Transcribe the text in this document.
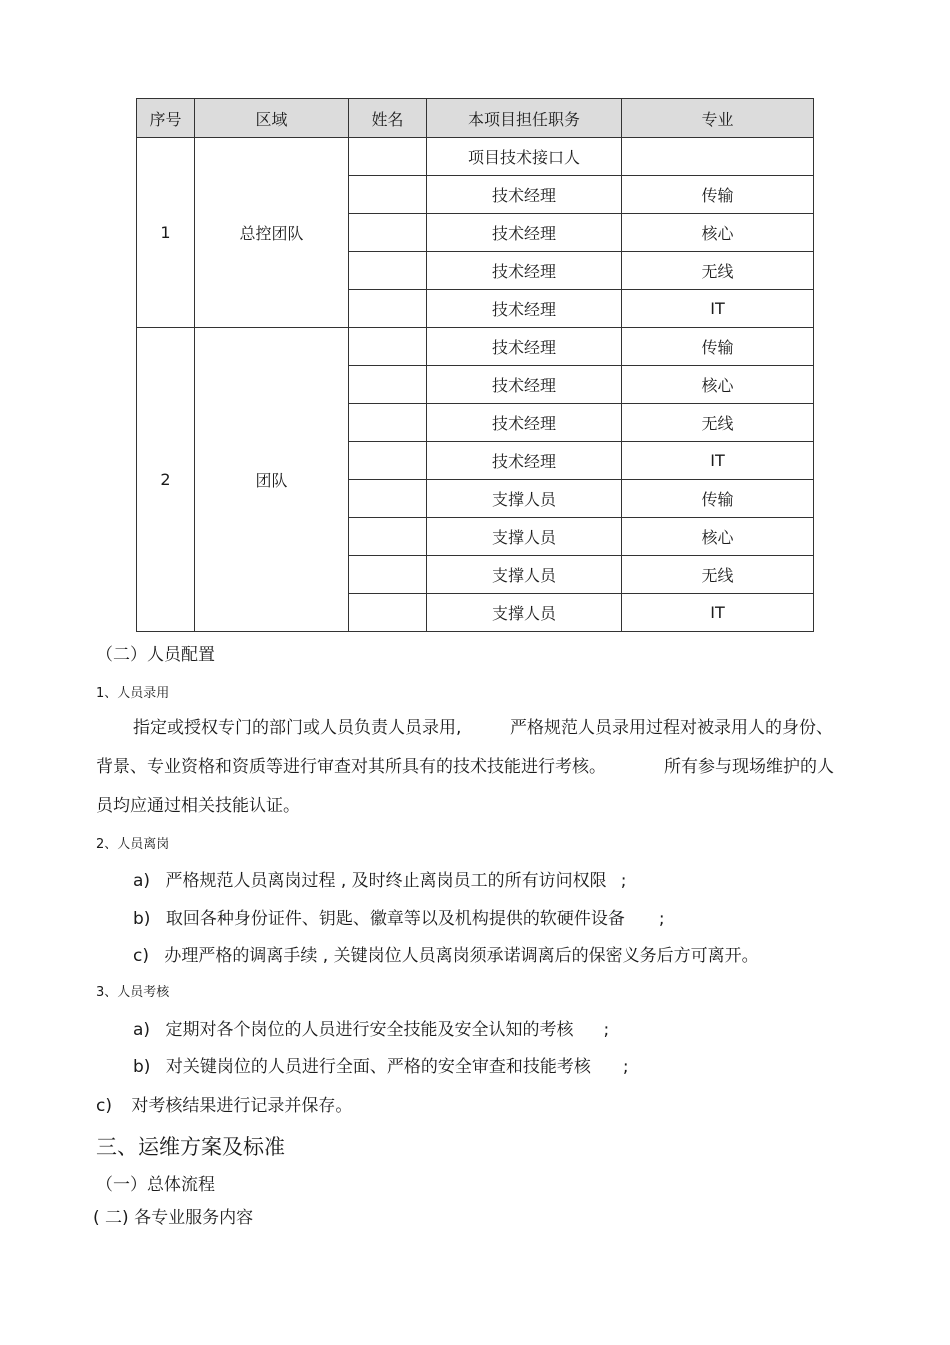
序号	区域	姓名	本项目担任职务	专业
1	总控团队		项目技术接口人	
			技术经理	传输
			技术经理	核心
			技术经理	无线
			技术经理	IT
2	团队		技术经理	传输
			技术经理	核心
			技术经理	无线
			技术经理	IT
			支撑人员	传输
			支撑人员	核心
			支撑人员	无线
			支撑人员	IT
（二）人员配置
1、人员录用
指定或授权专门的部门或人员负责人员录用,	严格规范人员录用过程对被录用人的身份、
背景、专业资格和资质等进行审查对其所具有的技术技能进行考核。	所有参与现场维护的人
员均应通过相关技能认证。
2、人员离岗
a) 严格规范人员离岗过程 , 及时终止离岗员工的所有访问权限 ;
b) 取回各种身份证件、钥匙、徽章等以及机构提供的软硬件设备 ;
c) 办理严格的调离手续 , 关键岗位人员离岗须承诺调离后的保密义务后方可离开。
3、人员考核
a) 定期对各个岗位的人员进行安全技能及安全认知的考核 ;
b) 对关键岗位的人员进行全面、严格的安全审查和技能考核 ;
c) 对考核结果进行记录并保存。
三、运维方案及标准
（一）总体流程
( 二) 各专业服务内容
